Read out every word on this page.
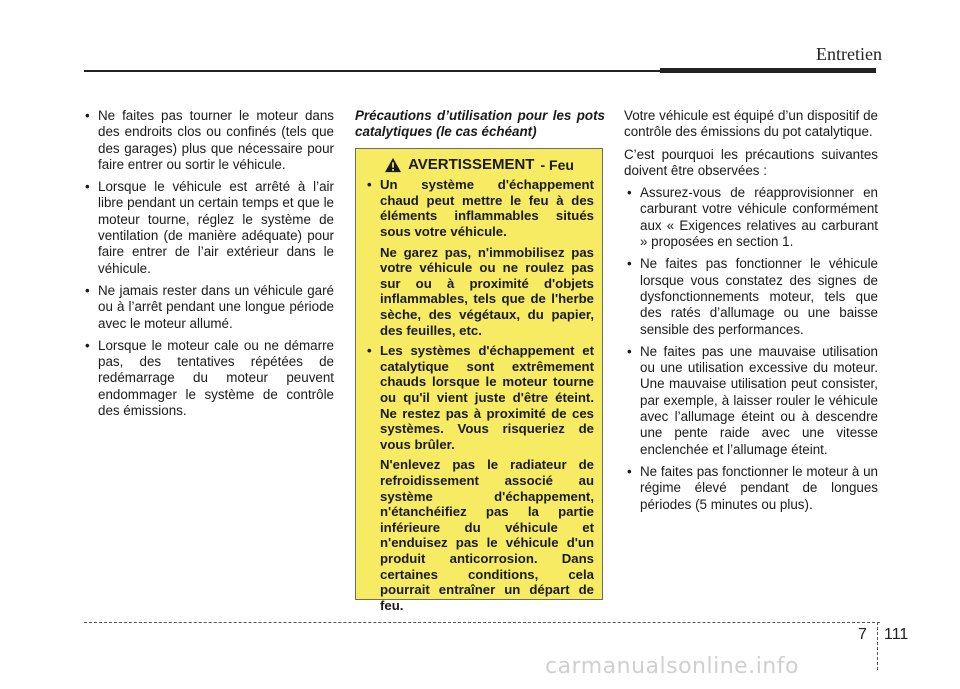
Entretien
• Ne faites pas tourner le moteur dans des endroits clos ou confinés (tels que des garages) plus que nécessaire pour faire entrer ou sortir le véhicule.
• Lorsque le véhicule est arrêté à l’air libre pendant un certain temps et que le moteur tourne, réglez le système de ventilation (de manière adéquate) pour faire entrer de l’air extérieur dans le véhicule.
• Ne jamais rester dans un véhicule garé ou à l’arrêt pendant une longue période avec le moteur allumé.
• Lorsque le moteur cale ou ne démarre pas, des tentatives répétées de redémarrage du moteur peuvent endommager le système de contrôle des émissions.

Précautions d’utilisation pour les pots catalytiques (le cas échéant)

AVERTISSEMENT - Feu
• Un système d'échappement chaud peut mettre le feu à des éléments inflammables situés sous votre véhicule.

Ne garez pas, n'immobilisez pas votre véhicule ou ne roulez pas sur ou à proximité d'objets inflammables, tels que de l'herbe sèche, des végétaux, du papier, des feuilles, etc.

• Les systèmes d'échappement et catalytique sont extrêmement chauds lorsque le moteur tourne ou qu'il vient juste d'être éteint. Ne restez pas à proximité de ces systèmes. Vous risqueriez de vous brûler.

N'enlevez pas le radiateur de refroidissement associé au système d'échappement, n'étanchéifiez pas la partie inférieure du véhicule et n'enduisez pas le véhicule d'un produit anticorrosion. Dans certaines conditions, cela pourrait entraîner un départ de feu.

Votre véhicule est équipé d’un dispositif de contrôle des émissions du pot catalytique.

C’est pourquoi les précautions suivantes doivent être observées :

• Assurez-vous de réapprovisionner en carburant votre véhicule conformément aux « Exigences relatives au carburant » proposées en section 1.
• Ne faites pas fonctionner le véhicule lorsque vous constatez des signes de dysfonctionnements moteur, tels que des ratés d’allumage ou une baisse sensible des performances.
• Ne faites pas une mauvaise utilisation ou une utilisation excessive du moteur. Une mauvaise utilisation peut consister, par exemple, à laisser rouler le véhicule avec l’allumage éteint ou à descendre une pente raide avec une vitesse enclenchée et l’allumage éteint.
• Ne faites pas fonctionner le moteur à un régime élevé pendant de longues périodes (5 minutes ou plus).
7 111
carmanualsonline.info
